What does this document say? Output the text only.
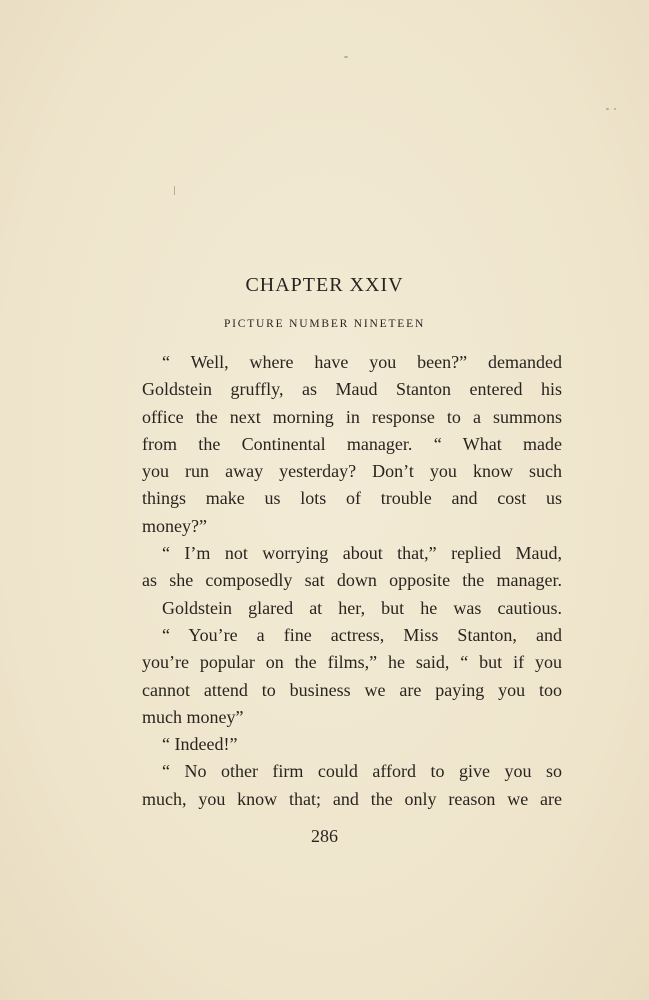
CHAPTER XXIV
PICTURE NUMBER NINETEEN
“ Well, where have you been?” demanded
Goldstein gruffly, as Maud Stanton entered his
office the next morning in response to a summons
from the Continental manager. “ What made
you run away yesterday? Don’t you know such
things make us lots of trouble and cost us
money?”
“ I’m not worrying about that,” replied Maud,
as she composedly sat down opposite the manager.
Goldstein glared at her, but he was cautious.
“ You’re a fine actress, Miss Stanton, and
you’re popular on the films,” he said, “ but if you
cannot attend to business we are paying you too
much money”
“ Indeed!”
“ No other firm could afford to give you so
much, you know that; and the only reason we are

286
